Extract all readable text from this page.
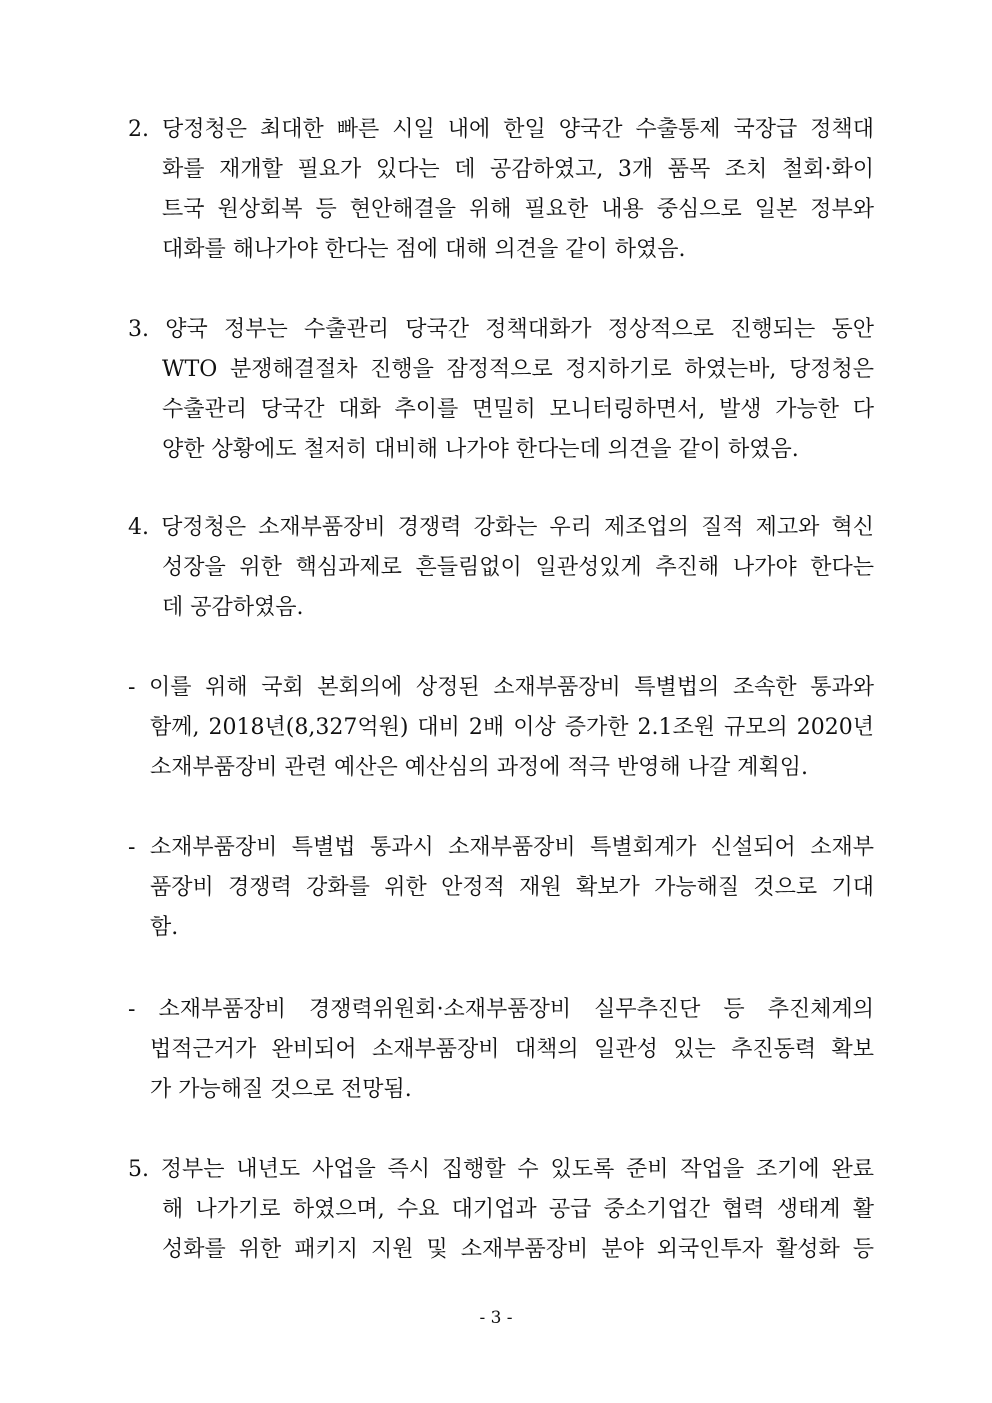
2. 당정청은 최대한 빠른 시일 내에 한일 양국간 수출통제 국장급 정책대
화를 재개할 필요가 있다는 데 공감하였고, 3개 품목 조치 철회·화이
트국 원상회복 등 현안해결을 위해 필요한 내용 중심으로 일본 정부와
대화를 해나가야 한다는 점에 대해 의견을 같이 하였음.
3. 양국 정부는 수출관리 당국간 정책대화가 정상적으로 진행되는 동안
WTO 분쟁해결절차 진행을 잠정적으로 정지하기로 하였는바, 당정청은
수출관리 당국간 대화 추이를 면밀히 모니터링하면서, 발생 가능한 다
양한 상황에도 철저히 대비해 나가야 한다는데 의견을 같이 하였음.
4. 당정청은 소재부품장비 경쟁력 강화는 우리 제조업의 질적 제고와 혁신
성장을 위한 핵심과제로 흔들림없이 일관성있게 추진해 나가야 한다는
데 공감하였음.
- 이를 위해 국회 본회의에 상정된 소재부품장비 특별법의 조속한 통과와
함께, 2018년(8,327억원) 대비 2배 이상 증가한 2.1조원 규모의 2020년
소재부품장비 관련 예산은 예산심의 과정에 적극 반영해 나갈 계획임.
- 소재부품장비 특별법 통과시 소재부품장비 특별회계가 신설되어 소재부
품장비 경쟁력 강화를 위한 안정적 재원 확보가 가능해질 것으로 기대
함.
- 소재부품장비 경쟁력위원회·소재부품장비 실무추진단 등 추진체계의
법적근거가 완비되어 소재부품장비 대책의 일관성 있는 추진동력 확보
가 가능해질 것으로 전망됨.
5. 정부는 내년도 사업을 즉시 집행할 수 있도록 준비 작업을 조기에 완료
해 나가기로 하였으며, 수요 대기업과 공급 중소기업간 협력 생태계 활
성화를 위한 패키지 지원 및 소재부품장비 분야 외국인투자 활성화 등
- 3 -
